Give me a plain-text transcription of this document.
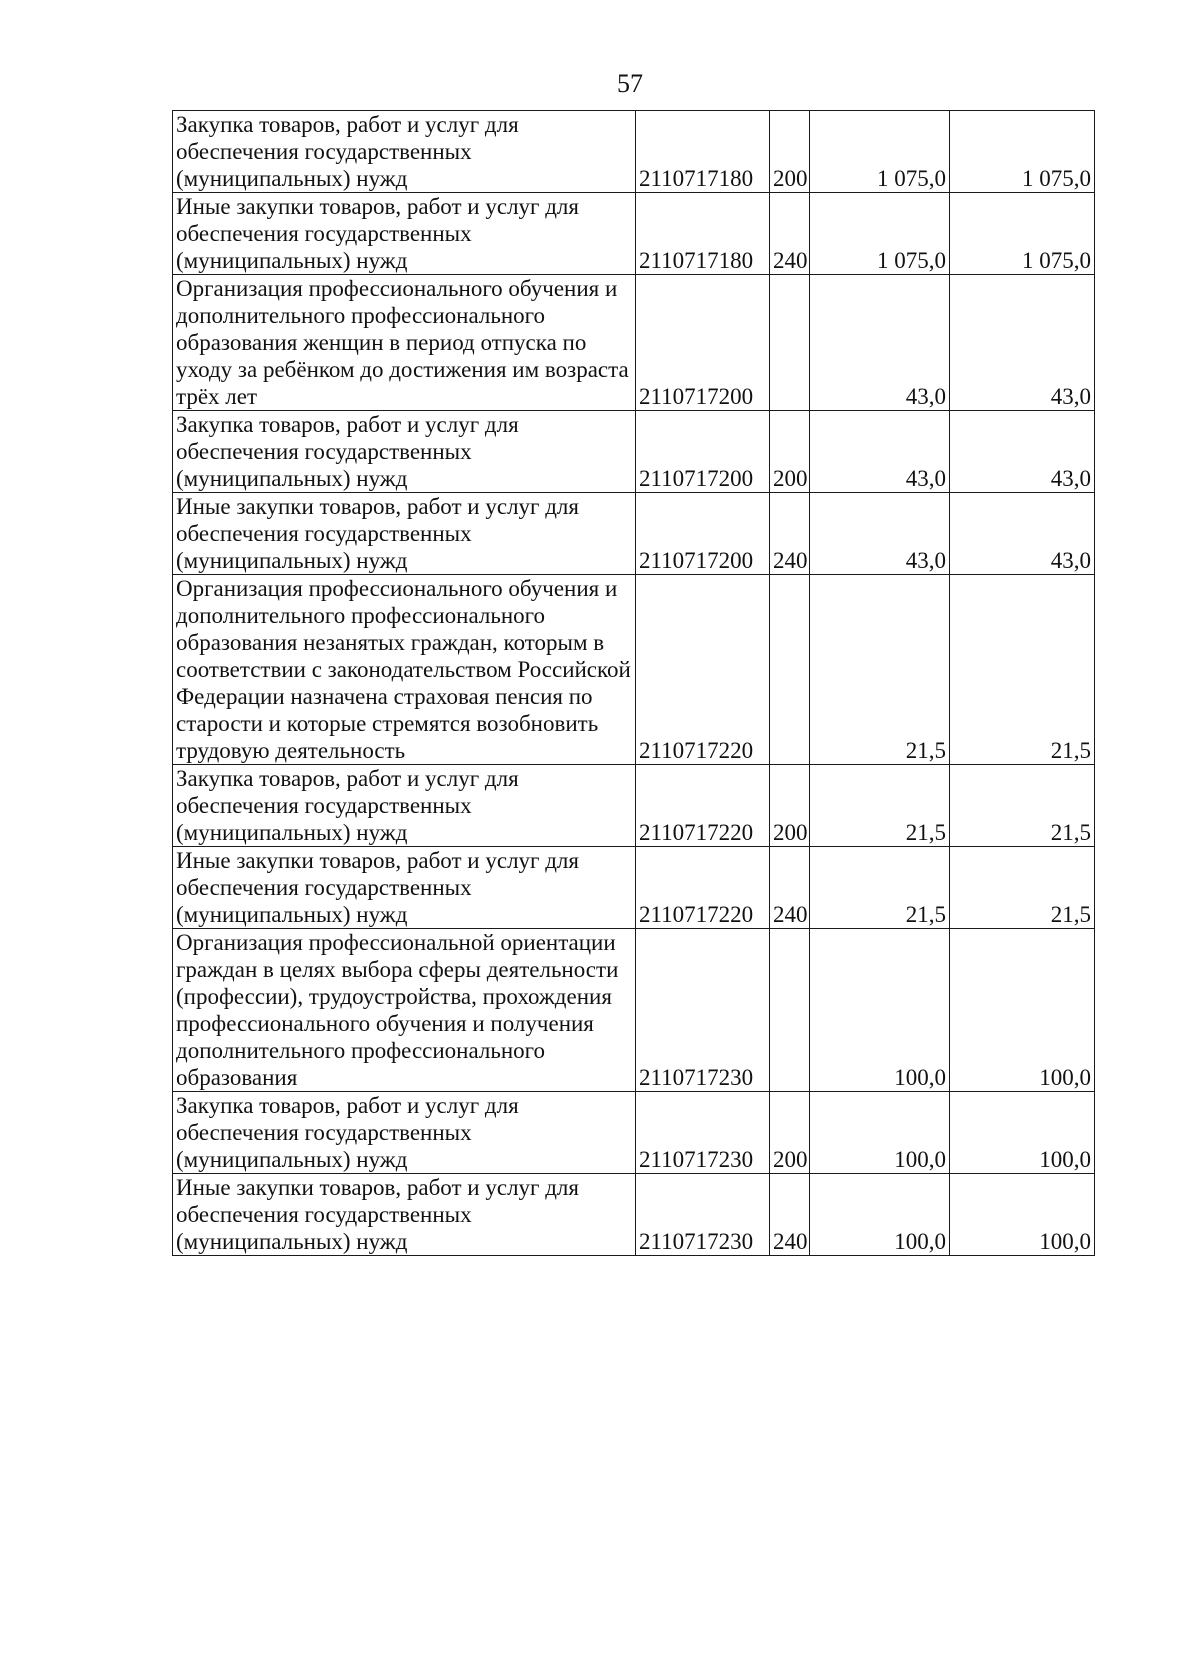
57
Закупка товаров, работ и услуг для обеспечения государственных (муниципальных) нужд	2110717180	200	1 075,0	1 075,0
Иные закупки товаров, работ и услуг для обеспечения государственных (муниципальных) нужд	2110717180	240	1 075,0	1 075,0
Организация профессионального обучения и дополнительного профессионального образования женщин в период отпуска по уходу за ребёнком до достижения им возраста трёх лет	2110717200		43,0	43,0
Закупка товаров, работ и услуг для обеспечения государственных (муниципальных) нужд	2110717200	200	43,0	43,0
Иные закупки товаров, работ и услуг для обеспечения государственных (муниципальных) нужд	2110717200	240	43,0	43,0
Организация профессионального обучения и дополнительного профессионального образования незанятых граждан, которым в соответствии с законодательством Российской Федерации назначена страховая пенсия по старости и которые стремятся возобновить трудовую деятельность	2110717220		21,5	21,5
Закупка товаров, работ и услуг для обеспечения государственных (муниципальных) нужд	2110717220	200	21,5	21,5
Иные закупки товаров, работ и услуг для обеспечения государственных (муниципальных) нужд	2110717220	240	21,5	21,5
Организация профессиональной ориентации граждан в целях выбора сферы деятельности (профессии), трудоустройства, прохождения профессионального обучения и получения дополнительного профессионального образования	2110717230		100,0	100,0
Закупка товаров, работ и услуг для обеспечения государственных (муниципальных) нужд	2110717230	200	100,0	100,0
Иные закупки товаров, работ и услуг для обеспечения государственных (муниципальных) нужд	2110717230	240	100,0	100,0
